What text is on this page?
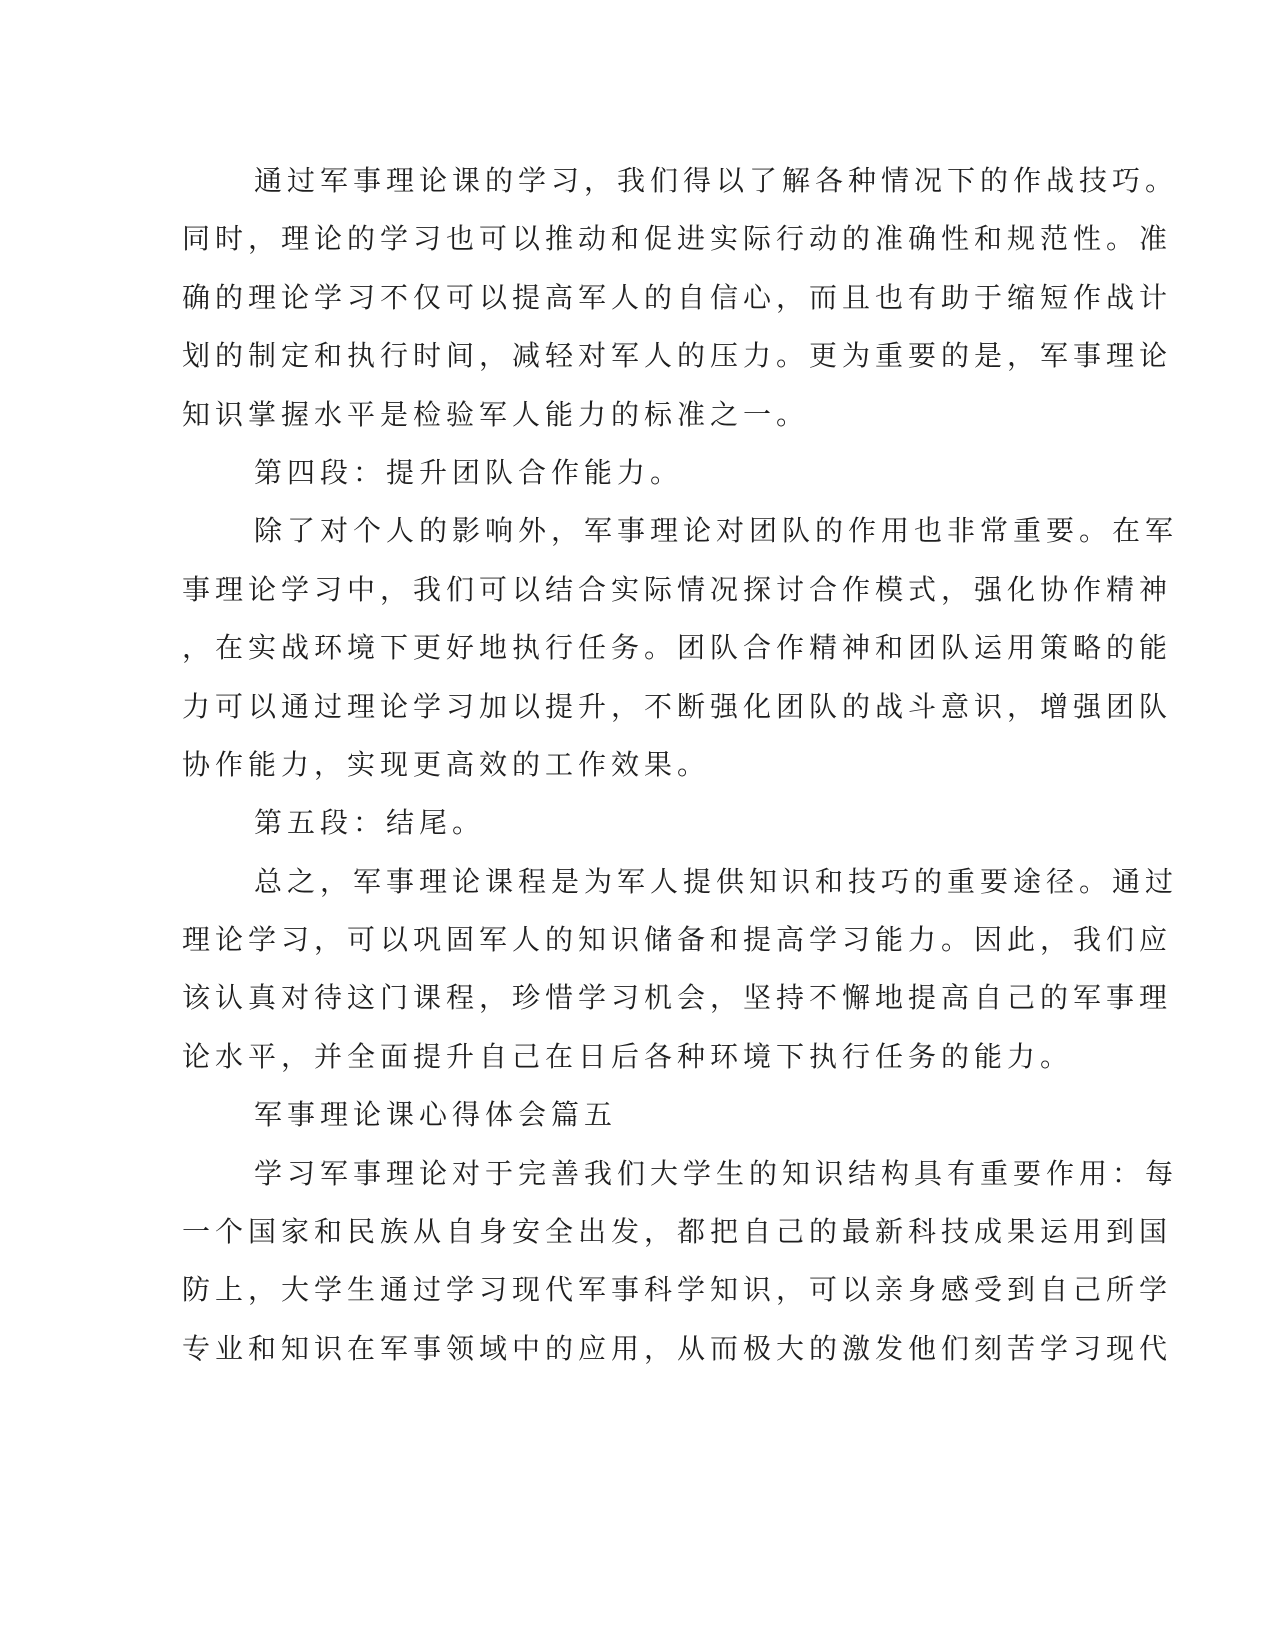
通过军事理论课的学习，我们得以了解各种情况下的作战技巧。
同时，理论的学习也可以推动和促进实际行动的准确性和规范性。准
确的理论学习不仅可以提高军人的自信心，而且也有助于缩短作战计
划的制定和执行时间，减轻对军人的压力。更为重要的是，军事理论
知识掌握水平是检验军人能力的标准之一。
第四段：提升团队合作能力。
除了对个人的影响外，军事理论对团队的作用也非常重要。在军
事理论学习中，我们可以结合实际情况探讨合作模式，强化协作精神
，在实战环境下更好地执行任务。团队合作精神和团队运用策略的能
力可以通过理论学习加以提升，不断强化团队的战斗意识，增强团队
协作能力，实现更高效的工作效果。
第五段：结尾。
总之，军事理论课程是为军人提供知识和技巧的重要途径。通过
理论学习，可以巩固军人的知识储备和提高学习能力。因此，我们应
该认真对待这门课程，珍惜学习机会，坚持不懈地提高自己的军事理
论水平，并全面提升自己在日后各种环境下执行任务的能力。
军事理论课心得体会篇五
学习军事理论对于完善我们大学生的知识结构具有重要作用：每
一个国家和民族从自身安全出发，都把自己的最新科技成果运用到国
防上，大学生通过学习现代军事科学知识，可以亲身感受到自己所学
专业和知识在军事领域中的应用，从而极大的激发他们刻苦学习现代
